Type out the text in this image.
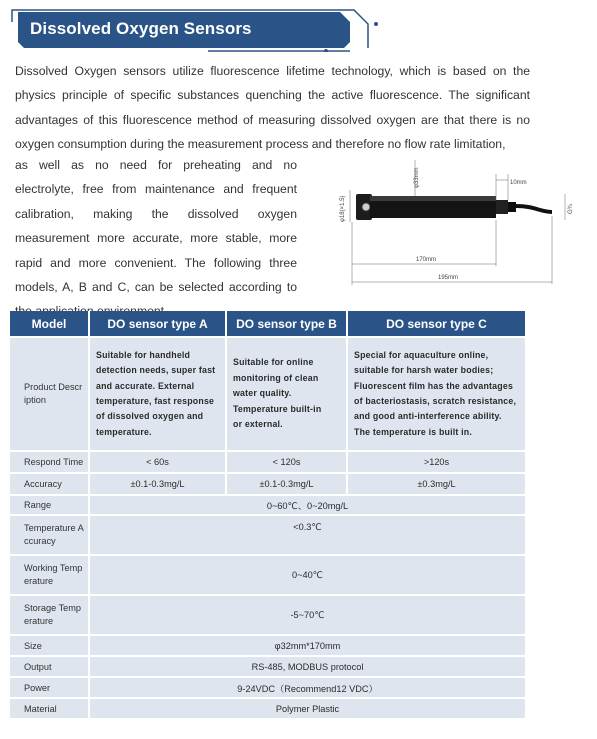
Dissolved Oxygen Sensors
Dissolved Oxygen sensors utilize fluorescence lifetime technology, which is based on the physics principle of specific substances quenching the active fluorescence. The significant advantages of this fluorescence method of measuring dissolved oxygen are that there is no oxygen consumption during the measurement process and therefore no flow rate limitation,
as well as no need for preheating and no electrolyte, free from maintenance and frequent calibration, making the dissolved oxygen measurement more accurate, more stable, more rapid and more convenient. The following three models, A, B and C, can be selected according to
φ33mm	10mm
φ18(×1.5)	G¾
170mm
195mm
Model	DO sensor type A	DO sensor type B	DO sensor type C
Product Description	Suitable for handheld detection needs, super fast and accurate. External temperature, fast response of dissolved oxygen and temperature.	Suitable for online monitoring of clean water quality. Temperature built-in or external.	Special for aquaculture online, suitable for harsh water bodies; Fluorescent film has the advantages of bacteriostasis, scratch resistance, and good anti-interference ability. The temperature is built in.

Respond Time	< 60s	< 120s	>120s
Accuracy	±0.1-0.3mg/L	±0.1-0.3mg/L	±0.3mg/L
Range	0~60℃、0~20mg/L		
Temperature Accuracy	<0.3℃		
Working Temperature	0~40℃		
Storage Temperature	-5~70℃		
Size	φ32mm*170mm		
Output	RS-485, MODBUS protocol		
Power	9-24VDC（Recommend12 VDC）		
Material	Polymer Plastic		
